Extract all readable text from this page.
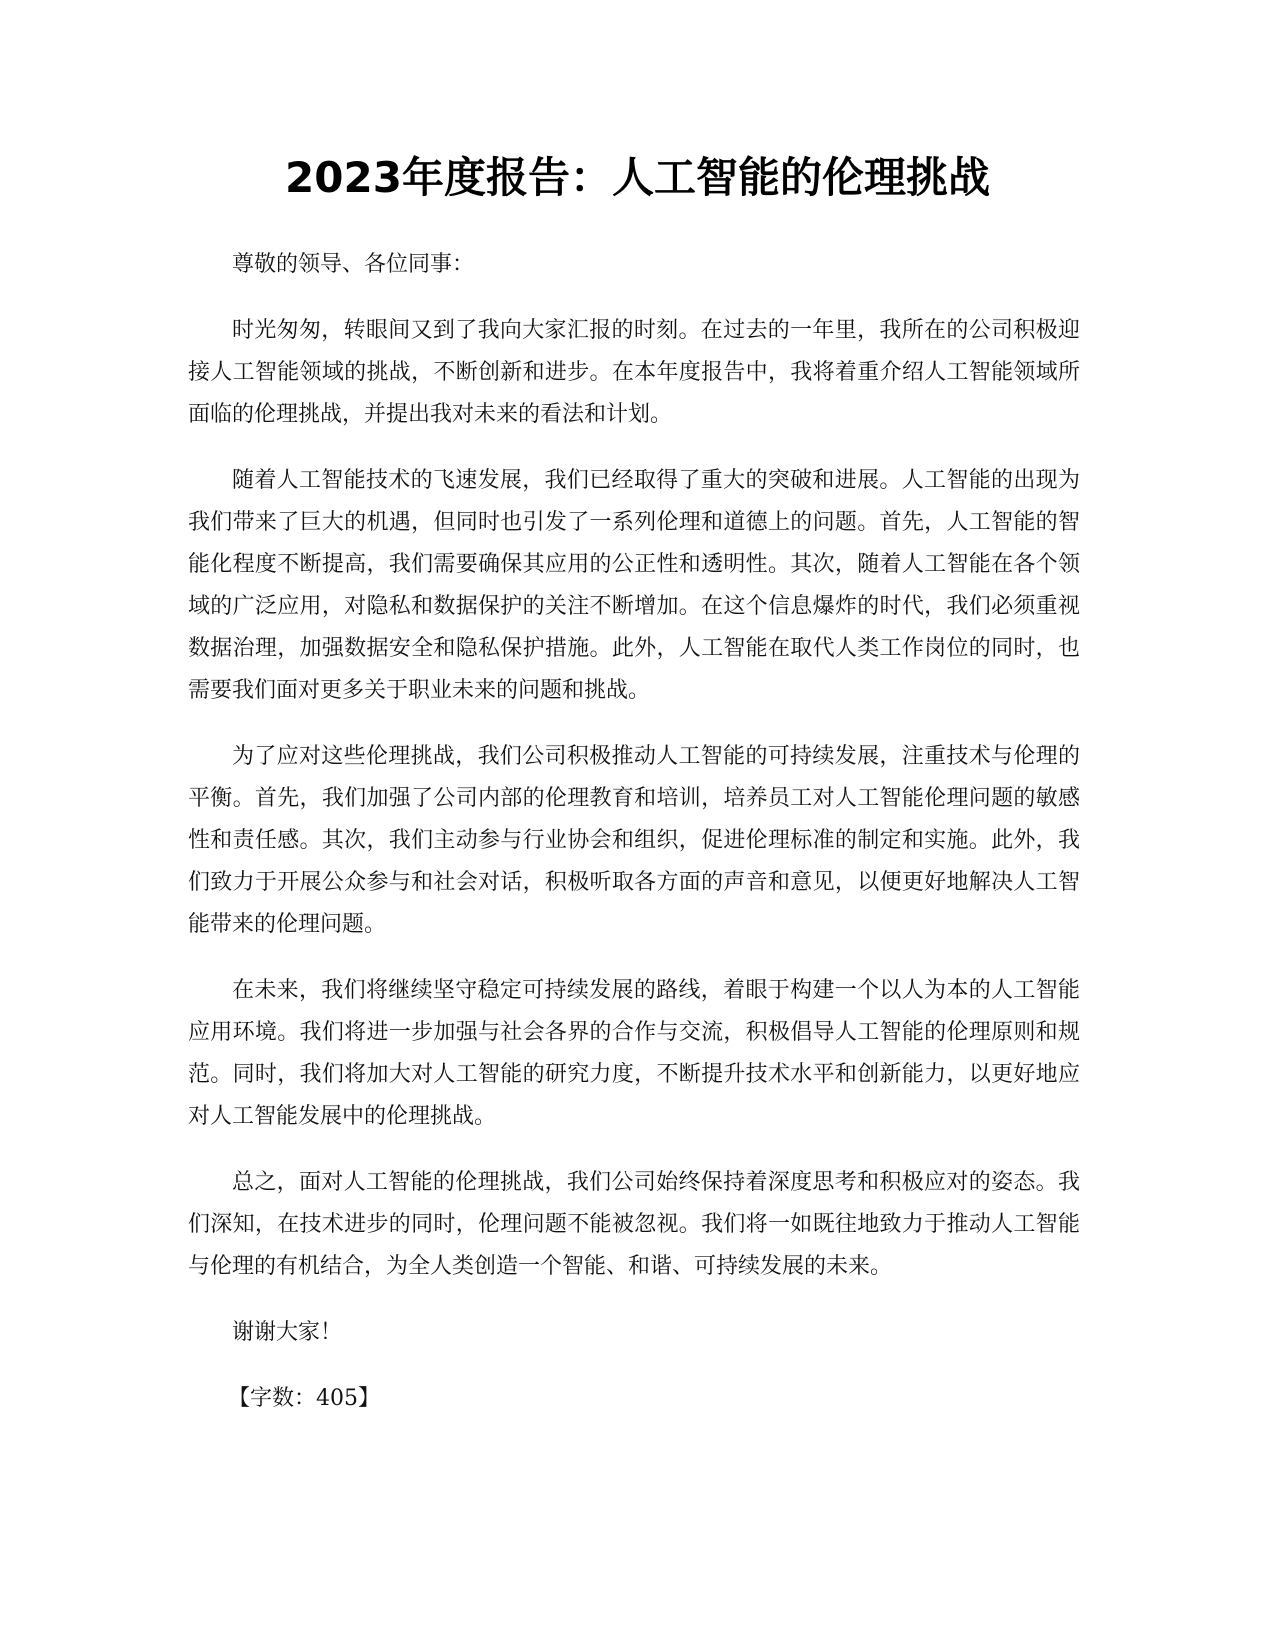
2023年度报告：人工智能的伦理挑战

尊敬的领导、各位同事：

时光匆匆，转眼间又到了我向大家汇报的时刻。在过去的一年里，我所在的公司积极迎接人工智能领域的挑战，不断创新和进步。在本年度报告中，我将着重介绍人工智能领域所面临的伦理挑战，并提出我对未来的看法和计划。

随着人工智能技术的飞速发展，我们已经取得了重大的突破和进展。人工智能的出现为我们带来了巨大的机遇，但同时也引发了一系列伦理和道德上的问题。首先，人工智能的智能化程度不断提高，我们需要确保其应用的公正性和透明性。其次，随着人工智能在各个领域的广泛应用，对隐私和数据保护的关注不断增加。在这个信息爆炸的时代，我们必须重视数据治理，加强数据安全和隐私保护措施。此外，人工智能在取代人类工作岗位的同时，也需要我们面对更多关于职业未来的问题和挑战。

为了应对这些伦理挑战，我们公司积极推动人工智能的可持续发展，注重技术与伦理的平衡。首先，我们加强了公司内部的伦理教育和培训，培养员工对人工智能伦理问题的敏感性和责任感。其次，我们主动参与行业协会和组织，促进伦理标准的制定和实施。此外，我们致力于开展公众参与和社会对话，积极听取各方面的声音和意见，以便更好地解决人工智能带来的伦理问题。

在未来，我们将继续坚守稳定可持续发展的路线，着眼于构建一个以人为本的人工智能应用环境。我们将进一步加强与社会各界的合作与交流，积极倡导人工智能的伦理原则和规范。同时，我们将加大对人工智能的研究力度，不断提升技术水平和创新能力，以更好地应对人工智能发展中的伦理挑战。

总之，面对人工智能的伦理挑战，我们公司始终保持着深度思考和积极应对的姿态。我们深知，在技术进步的同时，伦理问题不能被忽视。我们将一如既往地致力于推动人工智能与伦理的有机结合，为全人类创造一个智能、和谐、可持续发展的未来。

谢谢大家！

【字数：405】
